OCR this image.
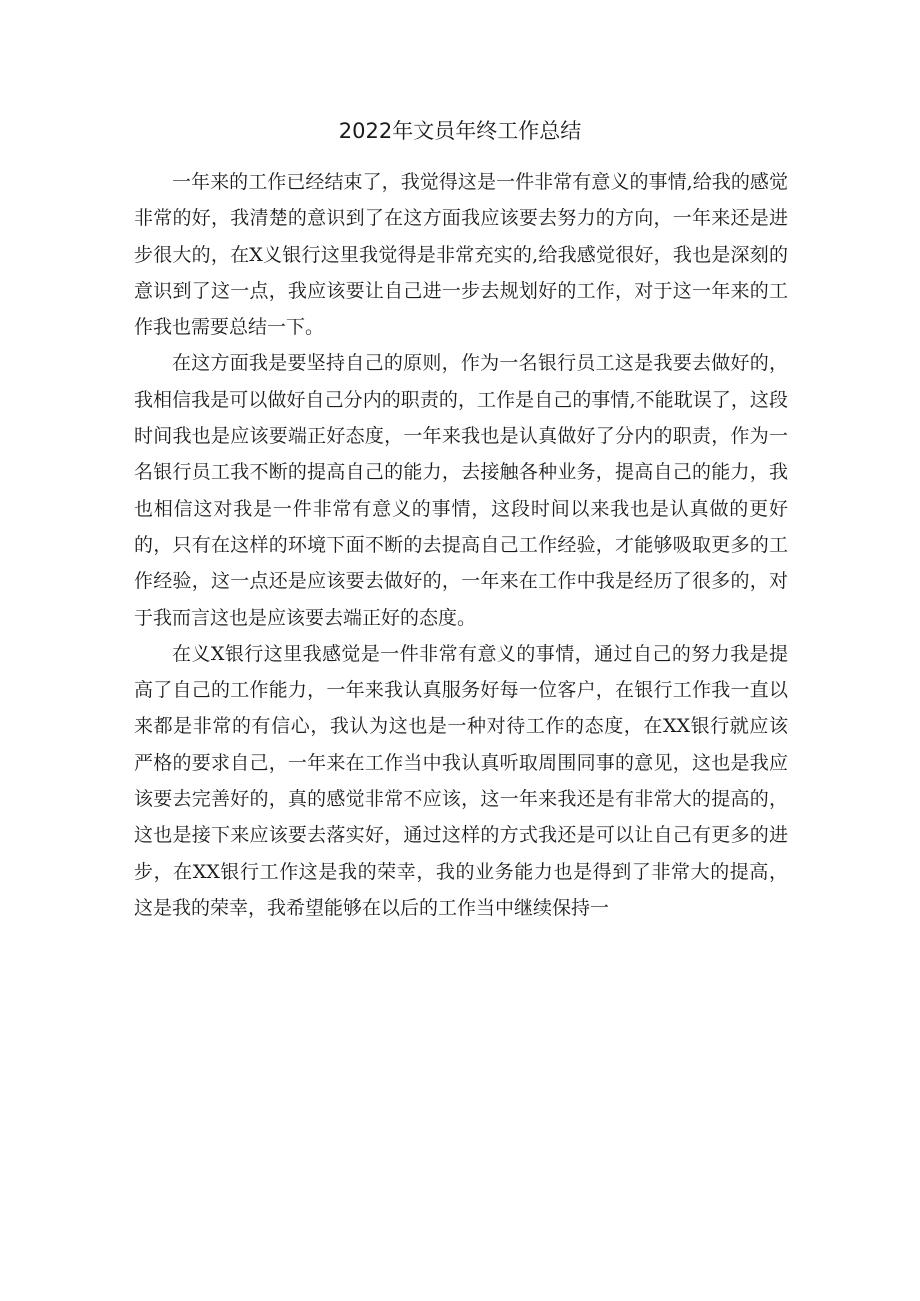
2022年文员年终工作总结

一年来的工作已经结束了，我觉得这是一件非常有意义的事情,给我的感觉非常的好，我清楚的意识到了在这方面我应该要去努力的方向，一年来还是进步很大的，在X义银行这里我觉得是非常充实的,给我感觉很好，我也是深刻的意识到了这一点，我应该要让自己进一步去规划好的工作，对于这一年来的工作我也需要总结一下。

在这方面我是要坚持自己的原则，作为一名银行员工这是我要去做好的，我相信我是可以做好自己分内的职责的，工作是自己的事情,不能耽误了，这段时间我也是应该要端正好态度，一年来我也是认真做好了分内的职责，作为一名银行员工我不断的提高自己的能力，去接触各种业务，提高自己的能力，我也相信这对我是一件非常有意义的事情，这段时间以来我也是认真做的更好的，只有在这样的环境下面不断的去提高自己工作经验，才能够吸取更多的工作经验，这一点还是应该要去做好的，一年来在工作中我是经历了很多的，对于我而言这也是应该要去端正好的态度。

在义X银行这里我感觉是一件非常有意义的事情，通过自己的努力我是提高了自己的工作能力，一年来我认真服务好每一位客户，在银行工作我一直以来都是非常的有信心，我认为这也是一种对待工作的态度，在XX银行就应该严格的要求自己，一年来在工作当中我认真听取周围同事的意见，这也是我应该要去完善好的，真的感觉非常不应该，这一年来我还是有非常大的提高的，这也是接下来应该要去落实好，通过这样的方式我还是可以让自己有更多的进步，在XX银行工作这是我的荣幸，我的业务能力也是得到了非常大的提高，这是我的荣幸，我希望能够在以后的工作当中继续保持一
